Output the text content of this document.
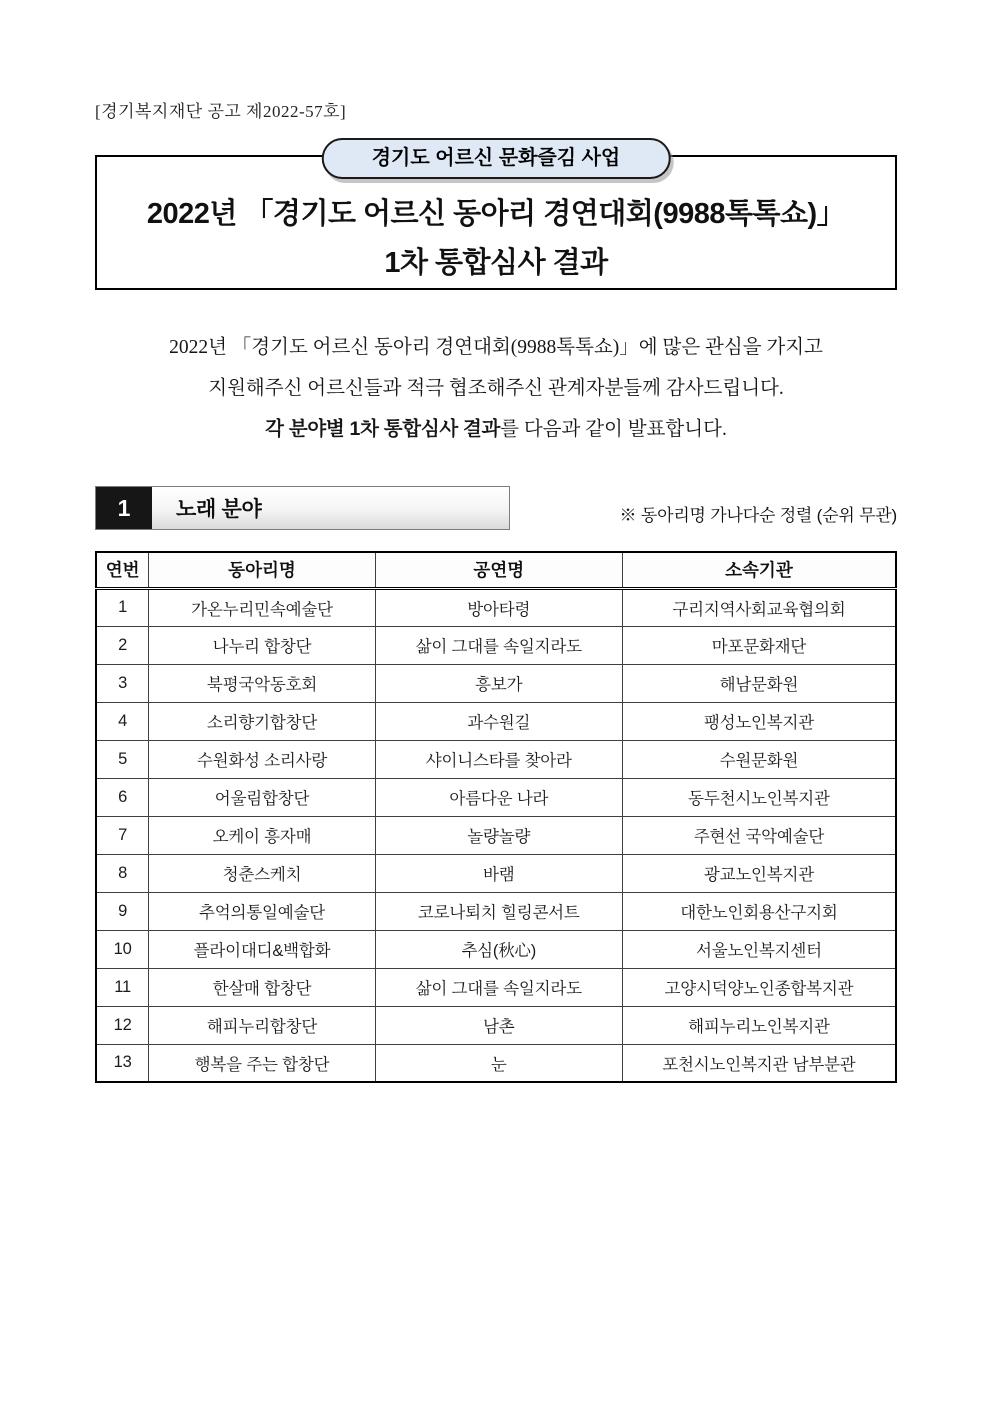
[경기복지재단 공고 제2022-57호]
경기도 어르신 문화즐김 사업
2022년 「경기도 어르신 동아리 경연대회(9988톡톡쇼)」
1차 통합심사 결과
2022년 「경기도 어르신 동아리 경연대회(9988톡톡쇼)」에 많은 관심을 가지고
지원해주신 어르신들과 적극 협조해주신 관계자분들께 감사드립니다.
각 분야별 1차 통합심사 결과를 다음과 같이 발표합니다.
1	노래 분야	※ 동아리명 가나다순 정렬 (순위 무관)
연번	동아리명	공연명	소속기관
1	가온누리민속예술단	방아타령	구리지역사회교육협의회
2	나누리 합창단	삶이 그대를 속일지라도	마포문화재단
3	북평국악동호회	흥보가	해남문화원
4	소리향기합창단	과수원길	팽성노인복지관
5	수원화성 소리사랑	샤이니스타를 찾아라	수원문화원
6	어울림합창단	아름다운 나라	동두천시노인복지관
7	오케이 흥자매	놀량놀량	주현선 국악예술단
8	청춘스케치	바램	광교노인복지관
9	추억의통일예술단	코로나퇴치 힐링콘서트	대한노인회용산구지회
10	플라이대디&백합화	추심(秋心)	서울노인복지센터
11	한살매 합창단	삶이 그대를 속일지라도	고양시덕양노인종합복지관
12	해피누리합창단	남촌	해피누리노인복지관
13	행복을 주는 합창단	눈	포천시노인복지관 남부분관
